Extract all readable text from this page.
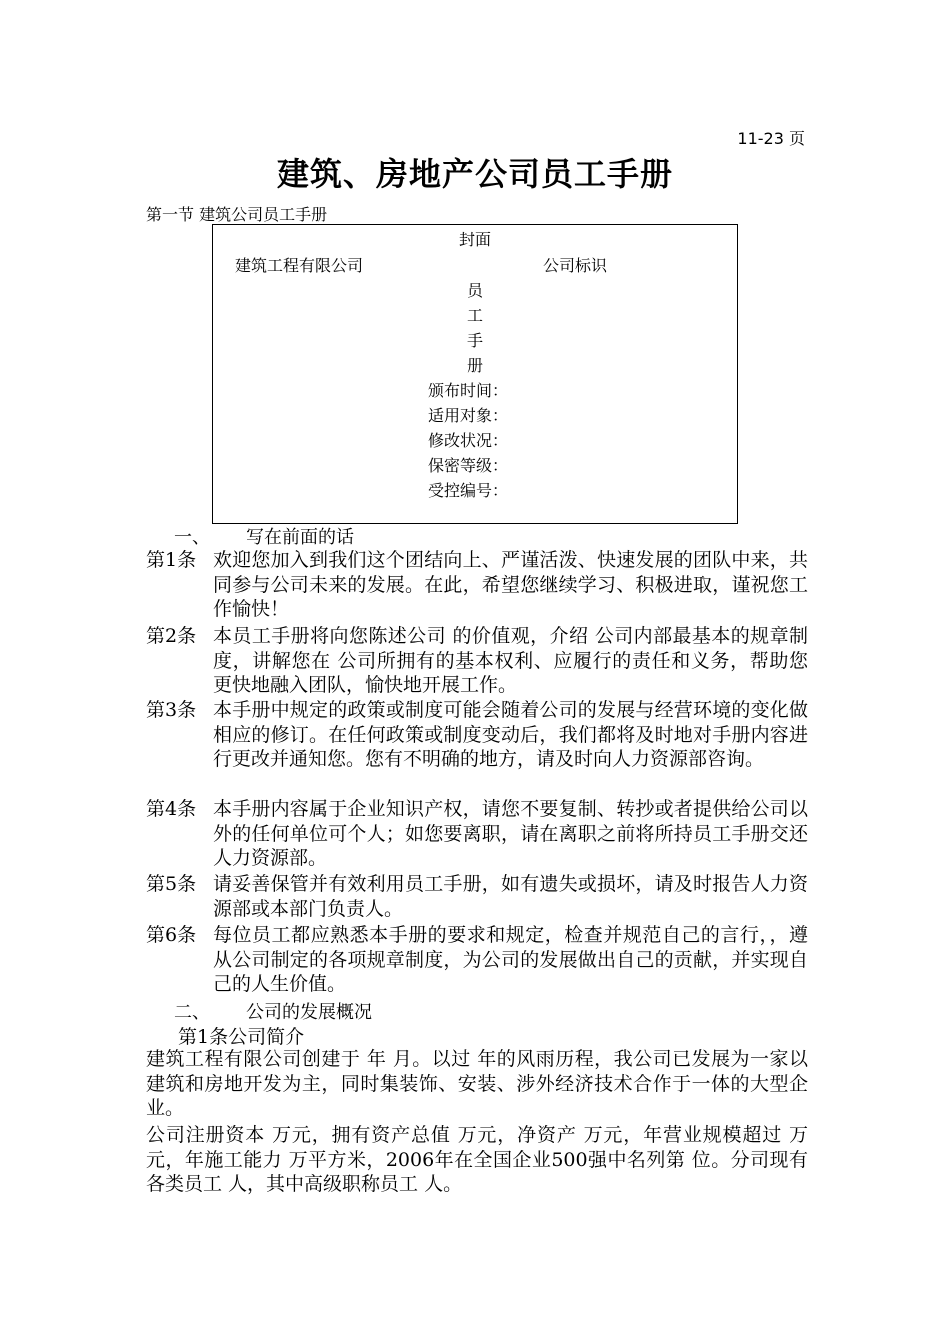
11-23 页
建筑、房地产公司员工手册
第一节 建筑公司员工手册
封面
建筑工程有限公司	公司标识
员
工
手
册
颁布时间：
适用对象：
修改状况：
保密等级：
受控编号：
一、 写在前面的话
第1条 欢迎您加入到我们这个团结向上、严谨活泼、快速发展的团队中来，共同参与公司未来的发展。在此，希望您继续学习、积极进取，谨祝您工作愉快！
第2条 本员工手册将向您陈述公司 的价值观，介绍 公司内部最基本的规章制度，讲解您在 公司所拥有的基本权利、应履行的责任和义务，帮助您更快地融入团队，愉快地开展工作。
第3条 本手册中规定的政策或制度可能会随着公司的发展与经营环境的变化做相应的修订。在任何政策或制度变动后，我们都将及时地对手册内容进行更改并通知您。您有不明确的地方，请及时向人力资源部咨询。
第4条 本手册内容属于企业知识产权，请您不要复制、转抄或者提供给公司以外的任何单位可个人；如您要离职，请在离职之前将所持员工手册交还人力资源部。
第5条 请妥善保管并有效利用员工手册，如有遗失或损坏，请及时报告人力资源部或本部门负责人。
第6条 每位员工都应熟悉本手册的要求和规定，检查并规范自己的言行，，遵从公司制定的各项规章制度，为公司的发展做出自己的贡献，并实现自己的人生价值。
二、 公司的发展概况
第1条公司简介
建筑工程有限公司创建于 年 月。以过 年的风雨历程，我公司已发展为一家以建筑和房地开发为主，同时集装饰、安装、涉外经济技术合作于一体的大型企业。
公司注册资本 万元，拥有资产总值 万元，净资产 万元，年营业规模超过 万元，年施工能力 万平方米，2006年在全国企业500强中名列第 位。分司现有各类员工 人，其中高级职称员工 人。
